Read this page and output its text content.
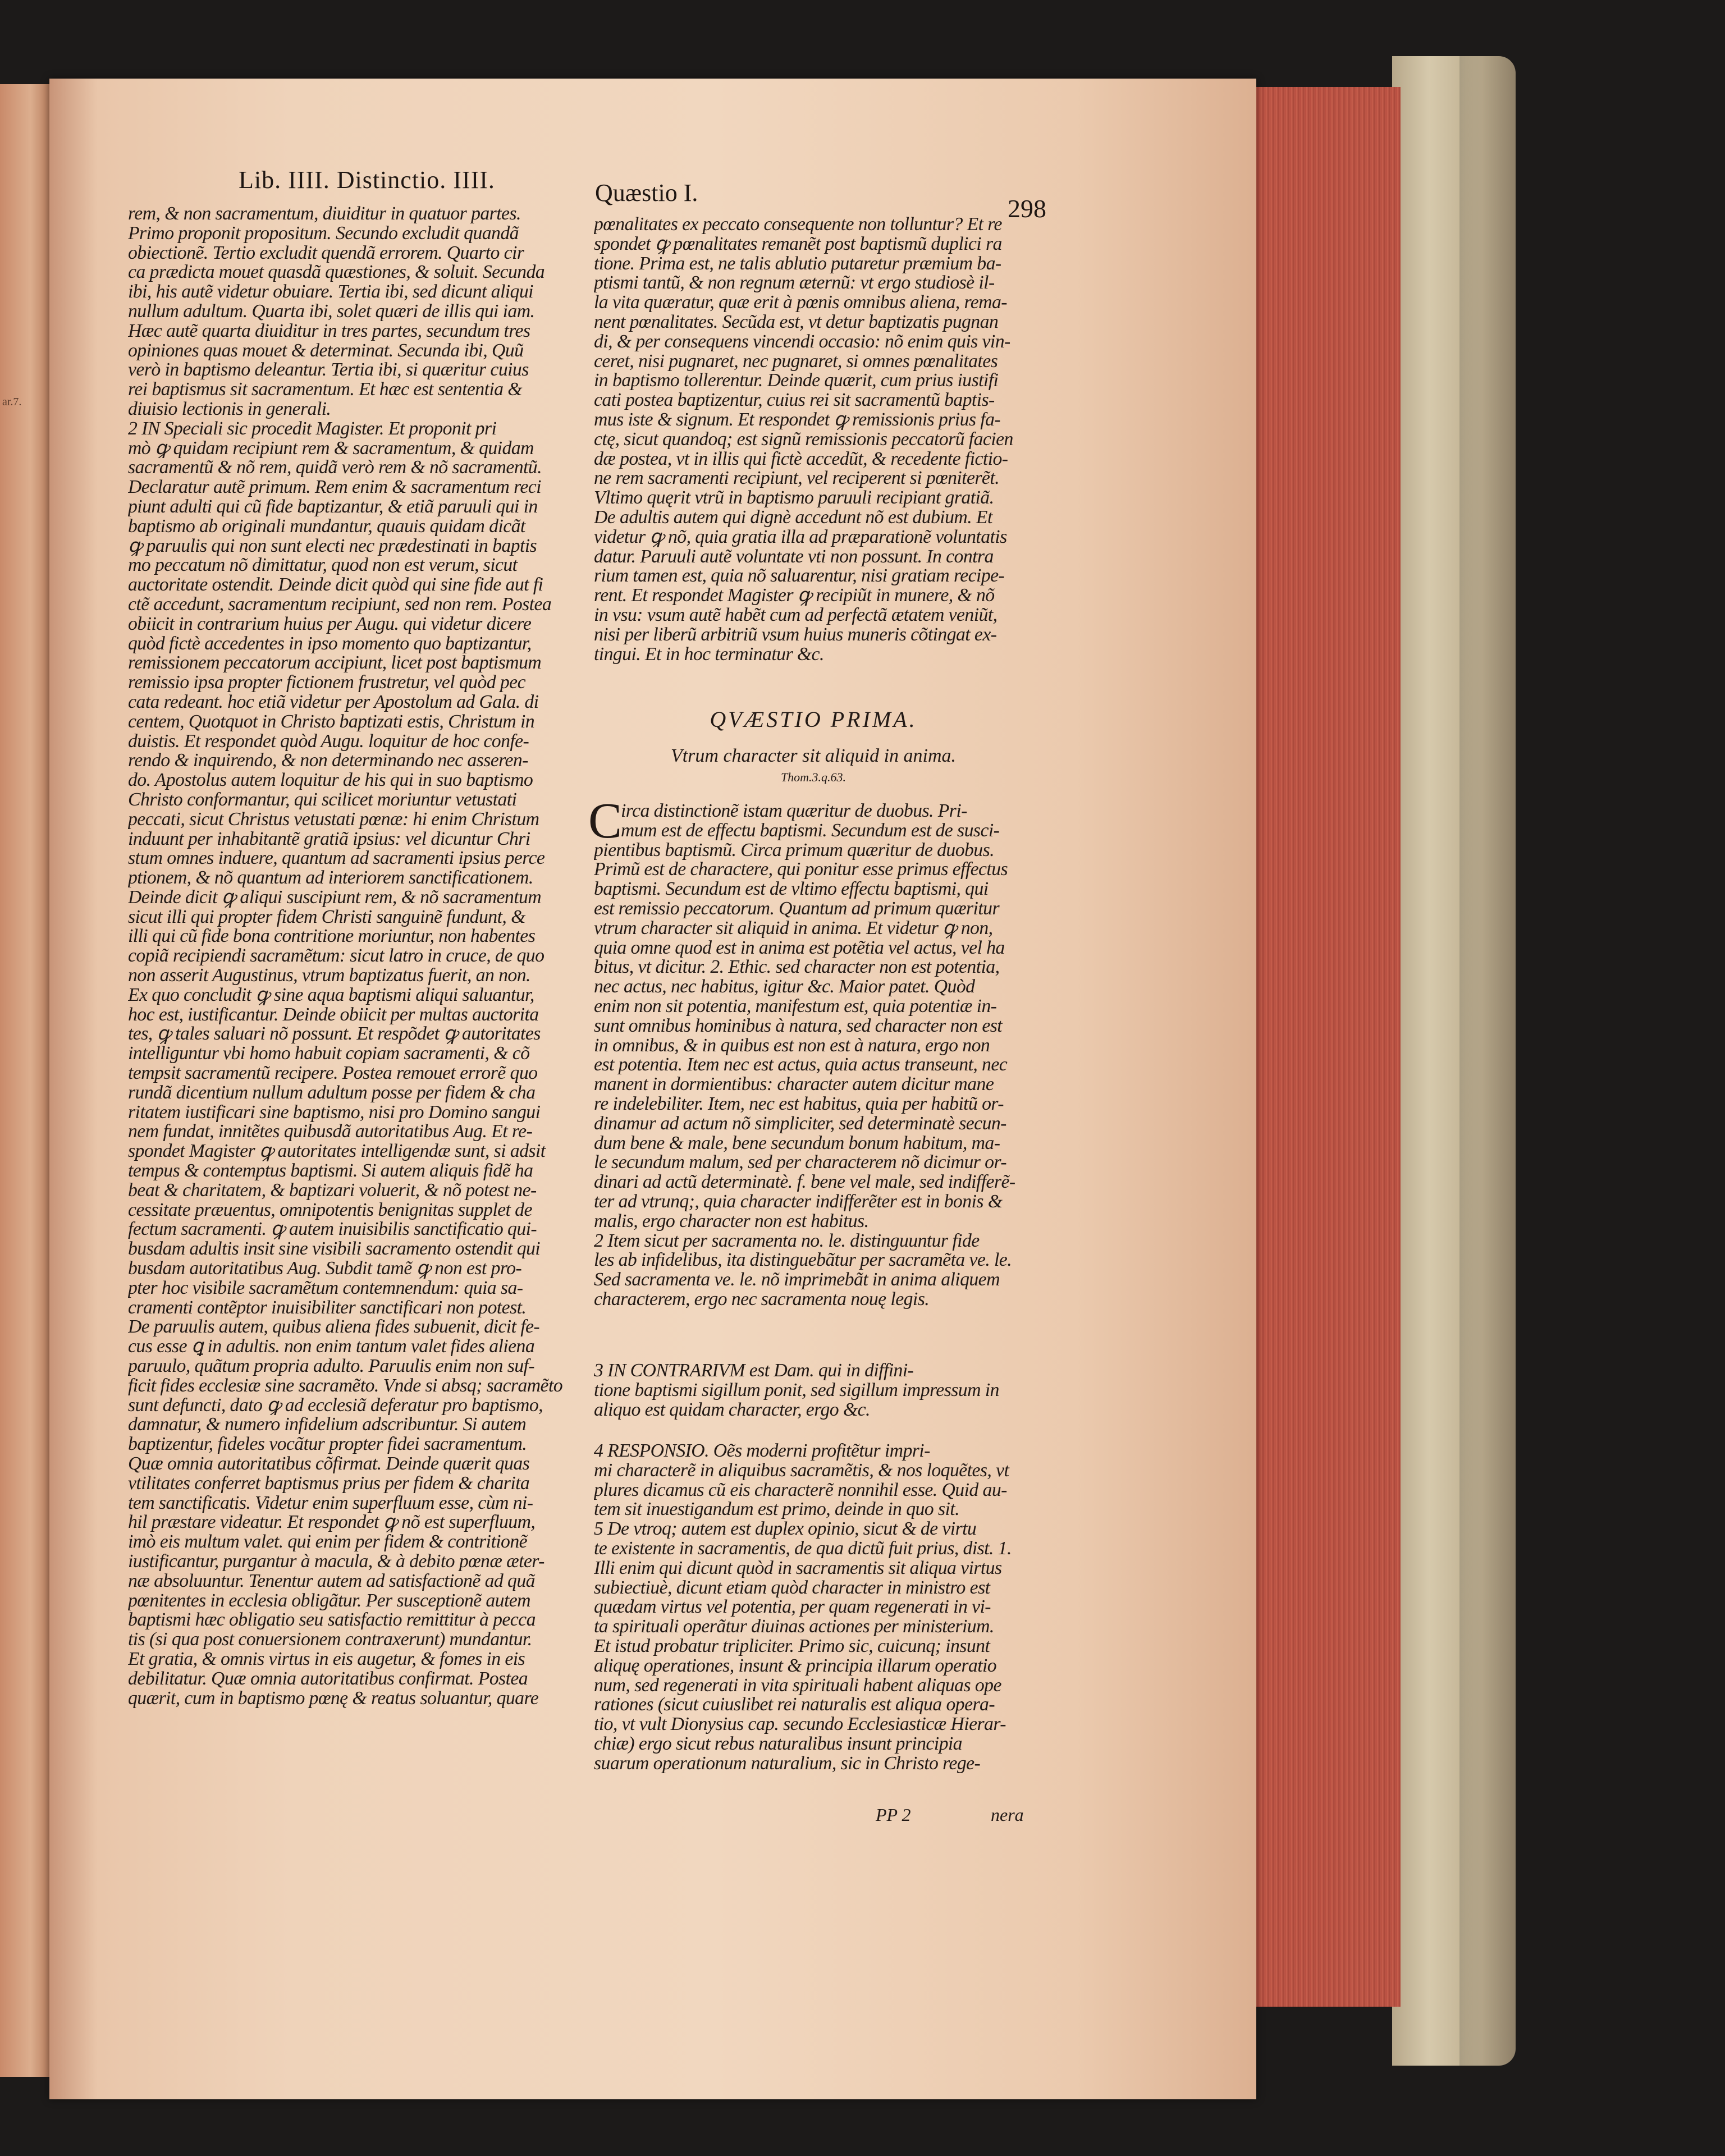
ar.7.
Lib. IIII. Distinctio. IIII.	Quæstio I.
298

rem, & non sacramentum, diuiditur in quatuor partes.

Primo proponit propositum. Secundo excludit quandã

obiectionẽ. Tertio excludit quendã errorem. Quarto cir

ca prædicta mouet quasdã quæstiones, & soluit. Secunda

ibi, his autẽ videtur obuiare. Tertia ibi, sed dicunt aliqui

nullum adultum. Quarta ibi, solet quæri de illis qui iam.

Hæc autẽ quarta diuiditur in tres partes, secundum tres

opiniones quas mouet & determinat. Secunda ibi, Quũ

verò in baptismo deleantur. Tertia ibi, si quæritur cuius

rei baptismus sit sacramentum. Et hæc est sententia &

diuisio lectionis in generali.

2 IN Speciali sic procedit Magister. Et proponit pri

mò ꝙ quidam recipiunt rem & sacramentum, & quidam

sacramentũ & nõ rem, quidã verò rem & nõ sacramentũ.

Declaratur autẽ primum. Rem enim & sacramentum reci

piunt adulti qui cũ fide baptizantur, & etiã paruuli qui in

baptismo ab originali mundantur, quauis quidam dicãt

ꝙ paruulis qui non sunt electi nec prædestinati in baptis

mo peccatum nõ dimittatur, quod non est verum, sicut

auctoritate ostendit. Deinde dicit quòd qui sine fide aut fi

ctẽ accedunt, sacramentum recipiunt, sed non rem. Postea

obiicit in contrarium huius per Augu. qui videtur dicere

quòd fictè accedentes in ipso momento quo baptizantur,

remissionem peccatorum accipiunt, licet post baptismum

remissio ipsa propter fictionem frustretur, vel quòd pec

cata redeant. hoc etiã videtur per Apostolum ad Gala. di

centem, Quotquot in Christo baptizati estis, Christum in

duistis. Et respondet quòd Augu. loquitur de hoc confe-

rendo & inquirendo, & non determinando nec asseren-

do. Apostolus autem loquitur de his qui in suo baptismo

Christo conformantur, qui scilicet moriuntur vetustati

peccati, sicut Christus vetustati pœnæ: hi enim Christum

induunt per inhabitantẽ gratiã ipsius: vel dicuntur Chri

stum omnes induere, quantum ad sacramenti ipsius perce

ptionem, & nõ quantum ad interiorem sanctificationem.

Deinde dicit ꝙ aliqui suscipiunt rem, & nõ sacramentum

sicut illi qui propter fidem Christi sanguinẽ fundunt, &

illi qui cũ fide bona contritione moriuntur, non habentes

copiã recipiendi sacramẽtum: sicut latro in cruce, de quo

non asserit Augustinus, vtrum baptizatus fuerit, an non.

Ex quo concludit ꝙ sine aqua baptismi aliqui saluantur,

hoc est, iustificantur. Deinde obiicit per multas auctorita

tes, ꝙ tales saluari nõ possunt. Et respõdet ꝙ autoritates

intelliguntur vbi homo habuit copiam sacramenti, & cõ

tempsit sacramentũ recipere. Postea remouet errorẽ quo

rundã dicentium nullum adultum posse per fidem & cha

ritatem iustificari sine baptismo, nisi pro Domino sangui

nem fundat, innitẽtes quibusdã autoritatibus Aug. Et re-

spondet Magister ꝙ autoritates intelligendæ sunt, si adsit

tempus & contemptus baptismi. Si autem aliquis fidẽ ha

beat & charitatem, & baptizari voluerit, & nõ potest ne-

cessitate præuentus, omnipotentis benignitas supplet de

fectum sacramenti. ꝙ autem inuisibilis sanctificatio qui-

busdam adultis insit sine visibili sacramento ostendit qui

busdam autoritatibus Aug. Subdit tamẽ ꝙ non est pro-

pter hoc visibile sacramẽtum contemnendum: quia sa-

cramenti contẽptor inuisibiliter sanctificari non potest.

De paruulis autem, quibus aliena fides subuenit, dicit fe-

cus esse ꝗ in adultis. non enim tantum valet fides aliena

paruulo, quãtum propria adulto. Paruulis enim non suf-

ficit fides ecclesiæ sine sacramẽto. Vnde si absq; sacramẽto

sunt defuncti, dato ꝙ ad ecclesiã deferatur pro baptismo,

damnatur, & numero infidelium adscribuntur. Si autem

baptizentur, fideles vocãtur propter fidei sacramentum.

Quæ omnia autoritatibus cõfirmat. Deinde quærit quas

vtilitates conferret baptismus prius per fidem & charita

tem sanctificatis. Videtur enim superfluum esse, cùm ni-

hil præstare videatur. Et respondet ꝙ nõ est superfluum,

imò eis multum valet. qui enim per fidem & contritionẽ

iustificantur, purgantur à macula, & à debito pœnæ æter-

næ absoluuntur. Tenentur autem ad satisfactionẽ ad quã

pœnitentes in ecclesia obligãtur. Per susceptionẽ autem

baptismi hæc obligatio seu satisfactio remittitur à pecca

tis (si qua post conuersionem contraxerunt) mundantur.

Et gratia, & omnis virtus in eis augetur, & fomes in eis

debilitatur. Quæ omnia autoritatibus confirmat. Postea

quærit, cum in baptismo pœnę & reatus soluantur, quare

pœnalitates ex peccato consequente non tolluntur? Et re

spondet ꝙ pœnalitates remanẽt post baptismũ duplici ra

tione. Prima est, ne talis ablutio putaretur præmium ba-

ptismi tantũ, & non regnum æternũ: vt ergo studiosè il-

la vita quæratur, quæ erit à pœnis omnibus aliena, rema-

nent pœnalitates. Secũda est, vt detur baptizatis pugnan

di, & per consequens vincendi occasio: nõ enim quis vin-

ceret, nisi pugnaret, nec pugnaret, si omnes pœnalitates

in baptismo tollerentur. Deinde quærit, cum prius iustifi

cati postea baptizentur, cuius rei sit sacramentũ baptis-

mus iste & signum. Et respondet ꝙ remissionis prius fa-

ctę, sicut quandoq; est signũ remissionis peccatorũ facien

dæ postea, vt in illis qui fictè accedũt, & recedente fictio-

ne rem sacramenti recipiunt, vel reciperent si pœniterẽt.

Vltimo quęrit vtrũ in baptismo paruuli recipiant gratiã.

De adultis autem qui dignè accedunt nõ est dubium. Et

videtur ꝙ nõ, quia gratia illa ad præparationẽ voluntatis

datur. Paruuli autẽ voluntate vti non possunt. In contra

rium tamen est, quia nõ saluarentur, nisi gratiam recipe-

rent. Et respondet Magister ꝙ recipiũt in munere, & nõ

in vsu: vsum autẽ habẽt cum ad perfectã ætatem veniũt,

nisi per liberũ arbitriũ vsum huius muneris cõtingat ex-

tingui. Et in hoc terminatur &c.

QVÆSTIO PRIMA.
Vtrum character sit aliquid in anima.
Thom.3.q.63.
C

irca distinctionẽ istam quæritur de duobus. Pri-

mum est de effectu baptismi. Secundum est de susci-

pientibus baptismũ. Circa primum quæritur de duobus.

Primũ est de charactere, qui ponitur esse primus effectus

baptismi. Secundum est de vltimo effectu baptismi, qui

est remissio peccatorum. Quantum ad primum quæritur

vtrum character sit aliquid in anima. Et videtur ꝙ non,

quia omne quod est in anima est potẽtia vel actus, vel ha

bitus, vt dicitur. 2. Ethic. sed character non est potentia,

nec actus, nec habitus, igitur &c. Maior patet. Quòd

enim non sit potentia, manifestum est, quia potentiæ in-

sunt omnibus hominibus à natura, sed character non est

in omnibus, & in quibus est non est à natura, ergo non

est potentia. Item nec est actus, quia actus transeunt, nec

manent in dormientibus: character autem dicitur mane

re indelebiliter. Item, nec est habitus, quia per habitũ or-

dinamur ad actum nõ simpliciter, sed determinatè secun-

dum bene & male, bene secundum bonum habitum, ma-

le secundum malum, sed per characterem nõ dicimur or-

dinari ad actũ determinatè. f. bene vel male, sed indifferẽ-

ter ad vtrunq;, quia character indifferẽter est in bonis &

malis, ergo character non est habitus.

2 Item sicut per sacramenta no. le. distinguuntur fide

les ab infidelibus, ita distinguebãtur per sacramẽta ve. le.

Sed sacramenta ve. le. nõ imprimebãt in anima aliquem

characterem, ergo nec sacramenta nouę legis.

3 IN CONTRARIVM est Dam. qui in diffini-

tione baptismi sigillum ponit, sed sigillum impressum in

aliquo est quidam character, ergo &c.

4 RESPONSIO. Oẽs moderni profitẽtur impri-

mi characterẽ in aliquibus sacramẽtis, & nos loquẽtes, vt

plures dicamus cũ eis characterẽ nonnihil esse. Quid au-

tem sit inuestigandum est primo, deinde in quo sit.

5 De vtroq; autem est duplex opinio, sicut & de virtu

te existente in sacramentis, de qua dictũ fuit prius, dist. 1.

Illi enim qui dicunt quòd in sacramentis sit aliqua virtus

subiectiuè, dicunt etiam quòd character in ministro est

quædam virtus vel potentia, per quam regenerati in vi-

ta spirituali operãtur diuinas actiones per ministerium.

Et istud probatur tripliciter. Primo sic, cuicunq; insunt

aliquę operationes, insunt & principia illarum operatio

num, sed regenerati in vita spirituali habent aliquas ope

rationes (sicut cuiuslibet rei naturalis est aliqua opera-

tio, vt vult Dionysius cap. secundo Ecclesiasticæ Hierar-

chiæ) ergo sicut rebus naturalibus insunt principia

suarum operationum naturalium, sic in Christo rege-

PP 2	nera
